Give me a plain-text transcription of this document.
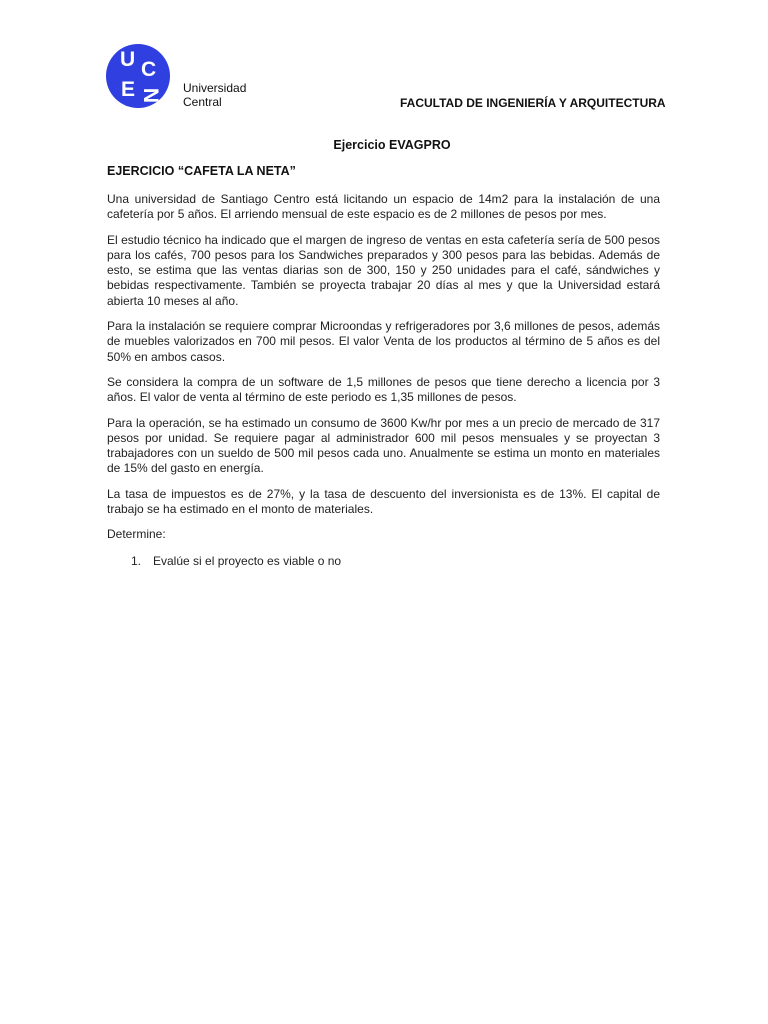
U C
E N Universidad
Central	FACULTAD DE INGENIERÍA Y ARQUITECTURA
Ejercicio EVAGPRO
EJERCICIO “CAFETA LA NETA”

Una universidad de Santiago Centro está licitando un espacio de 14m2 para la instalación de una cafetería por 5 años. El arriendo mensual de este espacio es de 2 millones de pesos por mes.

El estudio técnico ha indicado que el margen de ingreso de ventas en esta cafetería sería de 500 pesos para los cafés, 700 pesos para los Sandwiches preparados y 300 pesos para las bebidas. Además de esto, se estima que las ventas diarias son de 300, 150 y 250 unidades para el café, sándwiches y bebidas respectivamente. También se proyecta trabajar 20 días al mes y que la Universidad estará abierta 10 meses al año.

Para la instalación se requiere comprar Microondas y refrigeradores por 3,6 millones de pesos, además de muebles valorizados en 700 mil pesos. El valor Venta de los productos al término de 5 años es del 50% en ambos casos.

Se considera la compra de un software de 1,5 millones de pesos que tiene derecho a licencia por 3 años. El valor de venta al término de este periodo es 1,35 millones de pesos.

Para la operación, se ha estimado un consumo de 3600 Kw/hr por mes a un precio de mercado de 317 pesos por unidad. Se requiere pagar al administrador 600 mil pesos mensuales y se proyectan 3 trabajadores con un sueldo de 500 mil pesos cada uno. Anualmente se estima un monto en materiales de 15% del gasto en energía.

La tasa de impuestos es de 27%, y la tasa de descuento del inversionista es de 13%. El capital de trabajo se ha estimado en el monto de materiales.

Determine:

1. Evalúe si el proyecto es viable o no
